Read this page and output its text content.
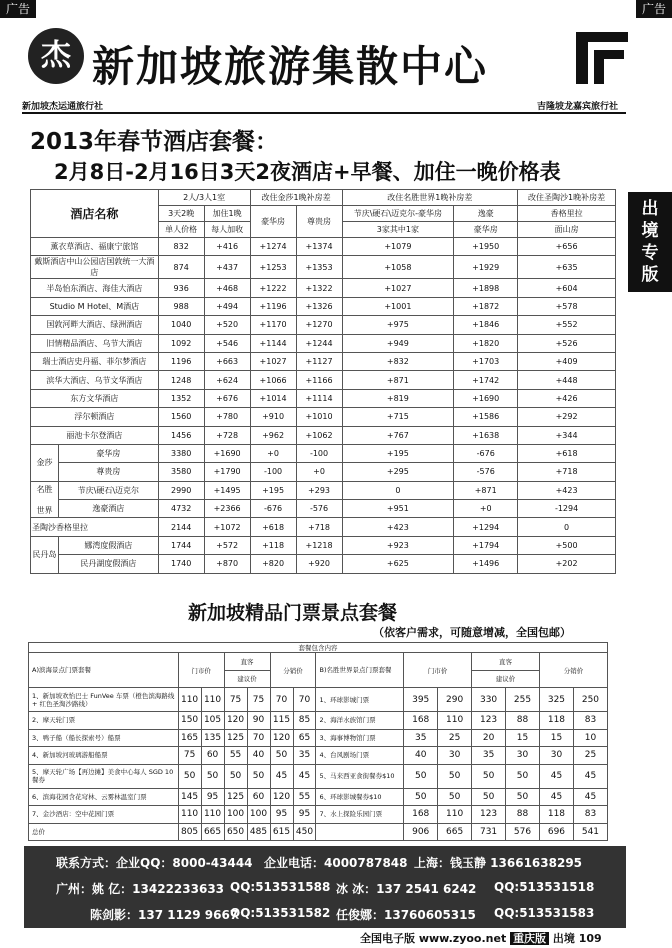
广告	广告
杰 新加坡旅游集散中心
新加坡杰运通旅行社	吉隆坡龙嘉宾旅行社
出
境
专
版
2013年春节酒店套餐：
2月8日-2月16日3天2夜酒店+早餐、加住一晚价格表
酒店名称		2人/3人1室		改住金莎1晚补房差		改住名胜世界1晚补房差		改住圣陶沙1晚补房差
		3天2晚	加住1晚	豪华房	尊贵房	节庆\硬石\迈克尔-豪华房	逸豪	香格里拉
		单人价格	每人加收			3家其中1家	豪华房	面山房
薰衣草酒店、福康宁旅馆		832	+416	+1274	+1374	+1079	+1950	+656
戴斯酒店中山公园店国敦统一大酒店		874	+437	+1253	+1353	+1058	+1929	+635
半岛怡东酒店、海佳大酒店		936	+468	+1222	+1322	+1027	+1898	+604
Studio M Hotel、M酒店		988	+494	+1196	+1326	+1001	+1872	+578
国敦河畔大酒店、绿洲酒店		1040	+520	+1170	+1270	+975	+1846	+552
旧情精品酒店、乌节大酒店		1092	+546	+1144	+1244	+949	+1820	+526
瑞士酒店史丹福、菲尔梦酒店		1196	+663	+1027	+1127	+832	+1703	+409
滨华大酒店、乌节文华酒店		1248	+624	+1066	+1166	+871	+1742	+448
东方文华酒店		1352	+676	+1014	+1114	+819	+1690	+426
浮尔顿酒店		1560	+780	+910	+1010	+715	+1586	+292
丽池卡尔登酒店		1456	+728	+962	+1062	+767	+1638	+344
金莎	豪华房	3380	+1690	+0	-100	+195	-676	+618
	尊贵房	3580	+1790	-100	+0	+295	-576	+718

名胜
世界	节庆\硬石\迈克尔	2990	+1495	+195	+293	0	+871	+423
	逸豪酒店	4732	+2366	-676	-576	+951	+0	-1294
圣陶沙香格里拉		2144	+1072	+618	+718	+423	+1294	0
民丹岛	娜湾度假酒店	1744	+572	+118	+1218	+923	+1794	+500
	民丹湖度假酒店	1740	+870	+820	+920	+625	+1496	+202
新加坡精品门票景点套餐
（依客户需求，可随意增减，全国包邮）
套餐包含内容													
A)滨海景点门票套餐	门市价		直客		分销价		B)名胜世界景点门票套餐	门市价		直客		分销价	
			建议价							建议价			
1、新加坡欢怡巴士 FunVee 车票（橙色滨海路线 + 红色圣淘沙路线）	110	110	75	75	70	70	1、环球影城门票	395	290	330	255	325	250
2、摩天轮门票	150	105	120	90	115	85	2、海洋水族馆门票	168	110	123	88	118	83
3、鸭子船（船长探索号）船票	165	135	125	70	120	65	3、海事博物馆门票	35	25	20	15	15	10
4、新加坡河玻璃游船船票	75	60	55	40	50	35	4、台风剧场门票	40	30	35	30	30	25
5、摩天轮广场【再边摊】美食中心每人 SGD 10 餐券	50	50	50	50	45	45	5、马来西亚食街餐券$10	50	50	50	50	45	45
6、滨海花园含花穹林、云雾林温室门票	145	95	125	60	120	55	6、环球影城餐券$10	50	50	50	50	45	45
7、金沙酒店：空中花园门票	110	110	100	100	95	95	7、水上探险乐园门票	168	110	123	88	118	83
总价	805	665	650	485	615	450		906	665	731	576	696	541
联系方式：企业QQ：8000-43444 企业电话：4000787848 上海：钱玉静 13661638295
广州：姚 亿：13422233633 QQ:513531588 冰 冰：137 2541 6242 QQ:513531518
陈剑影：137 1129 9667
QQ:513531582 任俊娜：13760605315 QQ:513531583
全国电子版 www.zyoo.net 重庆版 出境 109
